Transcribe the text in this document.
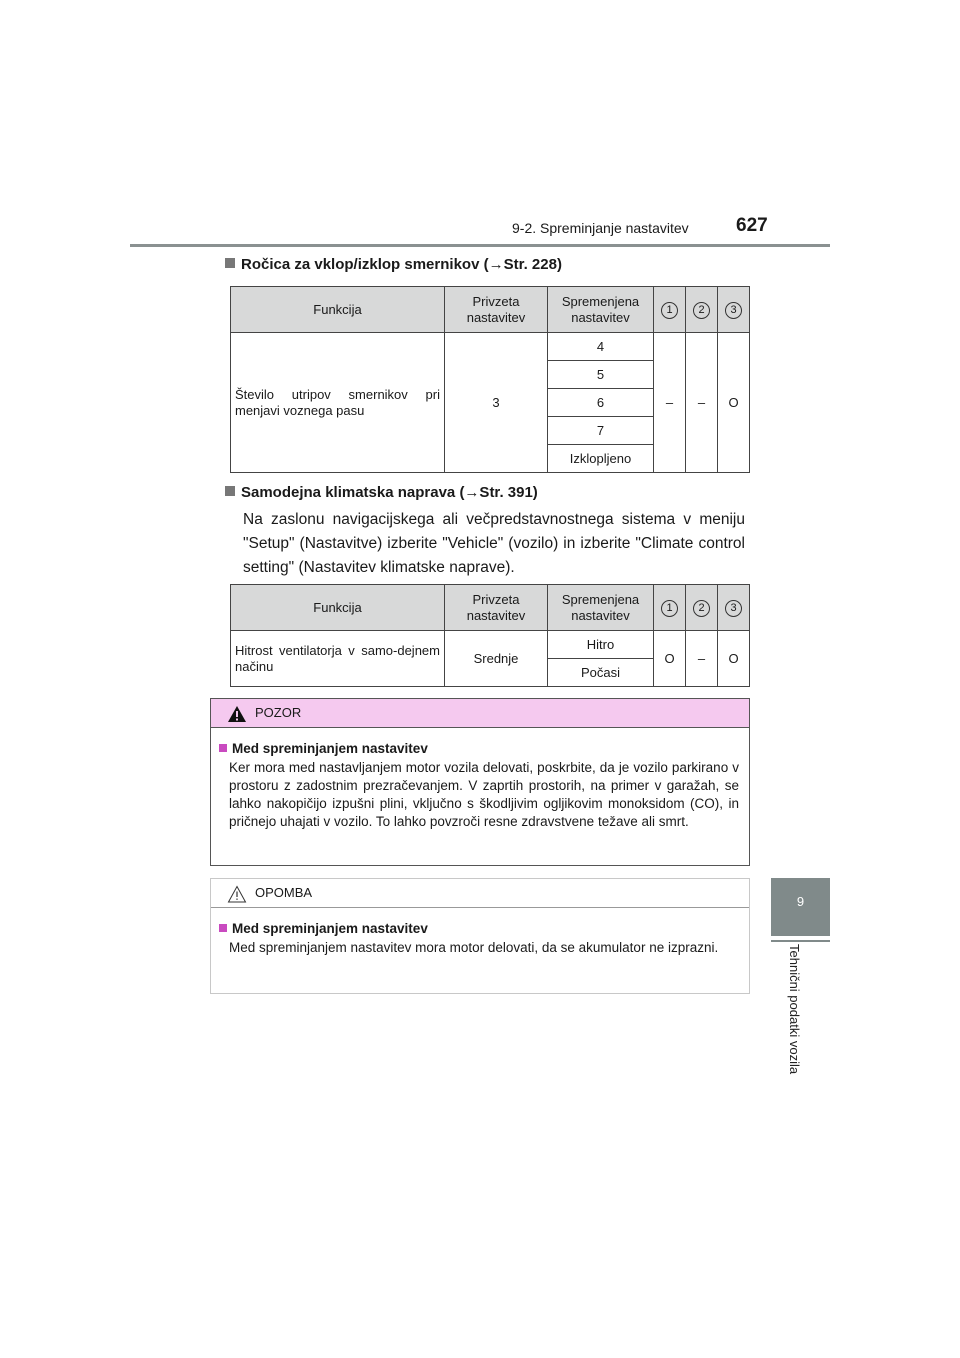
9-2. Spreminjanje nastavitev 627
9
Tehnični podatki vozila
Ročica za vklop/izklop smernikov (→Str. 228)
Funkcija	Privzeta nastavitev	Spremenjena nastavitev	1	2	3
Število utripov smernikov pri menjavi voznega pasu	3	4	–	–	O
		5			
		6			
		7			
		Izklopljeno			
Samodejna klimatska naprava (→Str. 391)
Na zaslonu navigacijskega ali večpredstavnostnega sistema v meniju "Setup" (Nastavitve) izberite "Vehicle" (vozilo) in izberite "Climate control setting" (Nastavitev klimatske naprave).
Funkcija	Privzeta nastavitev	Spremenjena nastavitev	1	2	3
Hitrost ventilatorja v samo-dejnem načinu	Srednje	Hitro	O	–	O
		Počasi			
POZOR
Med spreminjanjem nastavitev
Ker mora med nastavljanjem motor vozila delovati, poskrbite, da je vozilo parkirano v prostoru z zadostnim prezračevanjem. V zaprtih prostorih, na primer v garažah, se lahko nakopičijo izpušni plini, vključno s škodljivim ogljikovim monoksidom (CO), in pričnejo uhajati v vozilo. To lahko povzroči resne zdravstvene težave ali smrt.
OPOMBA
Med spreminjanjem nastavitev
Med spreminjanjem nastavitev mora motor delovati, da se akumulator ne izprazni.
